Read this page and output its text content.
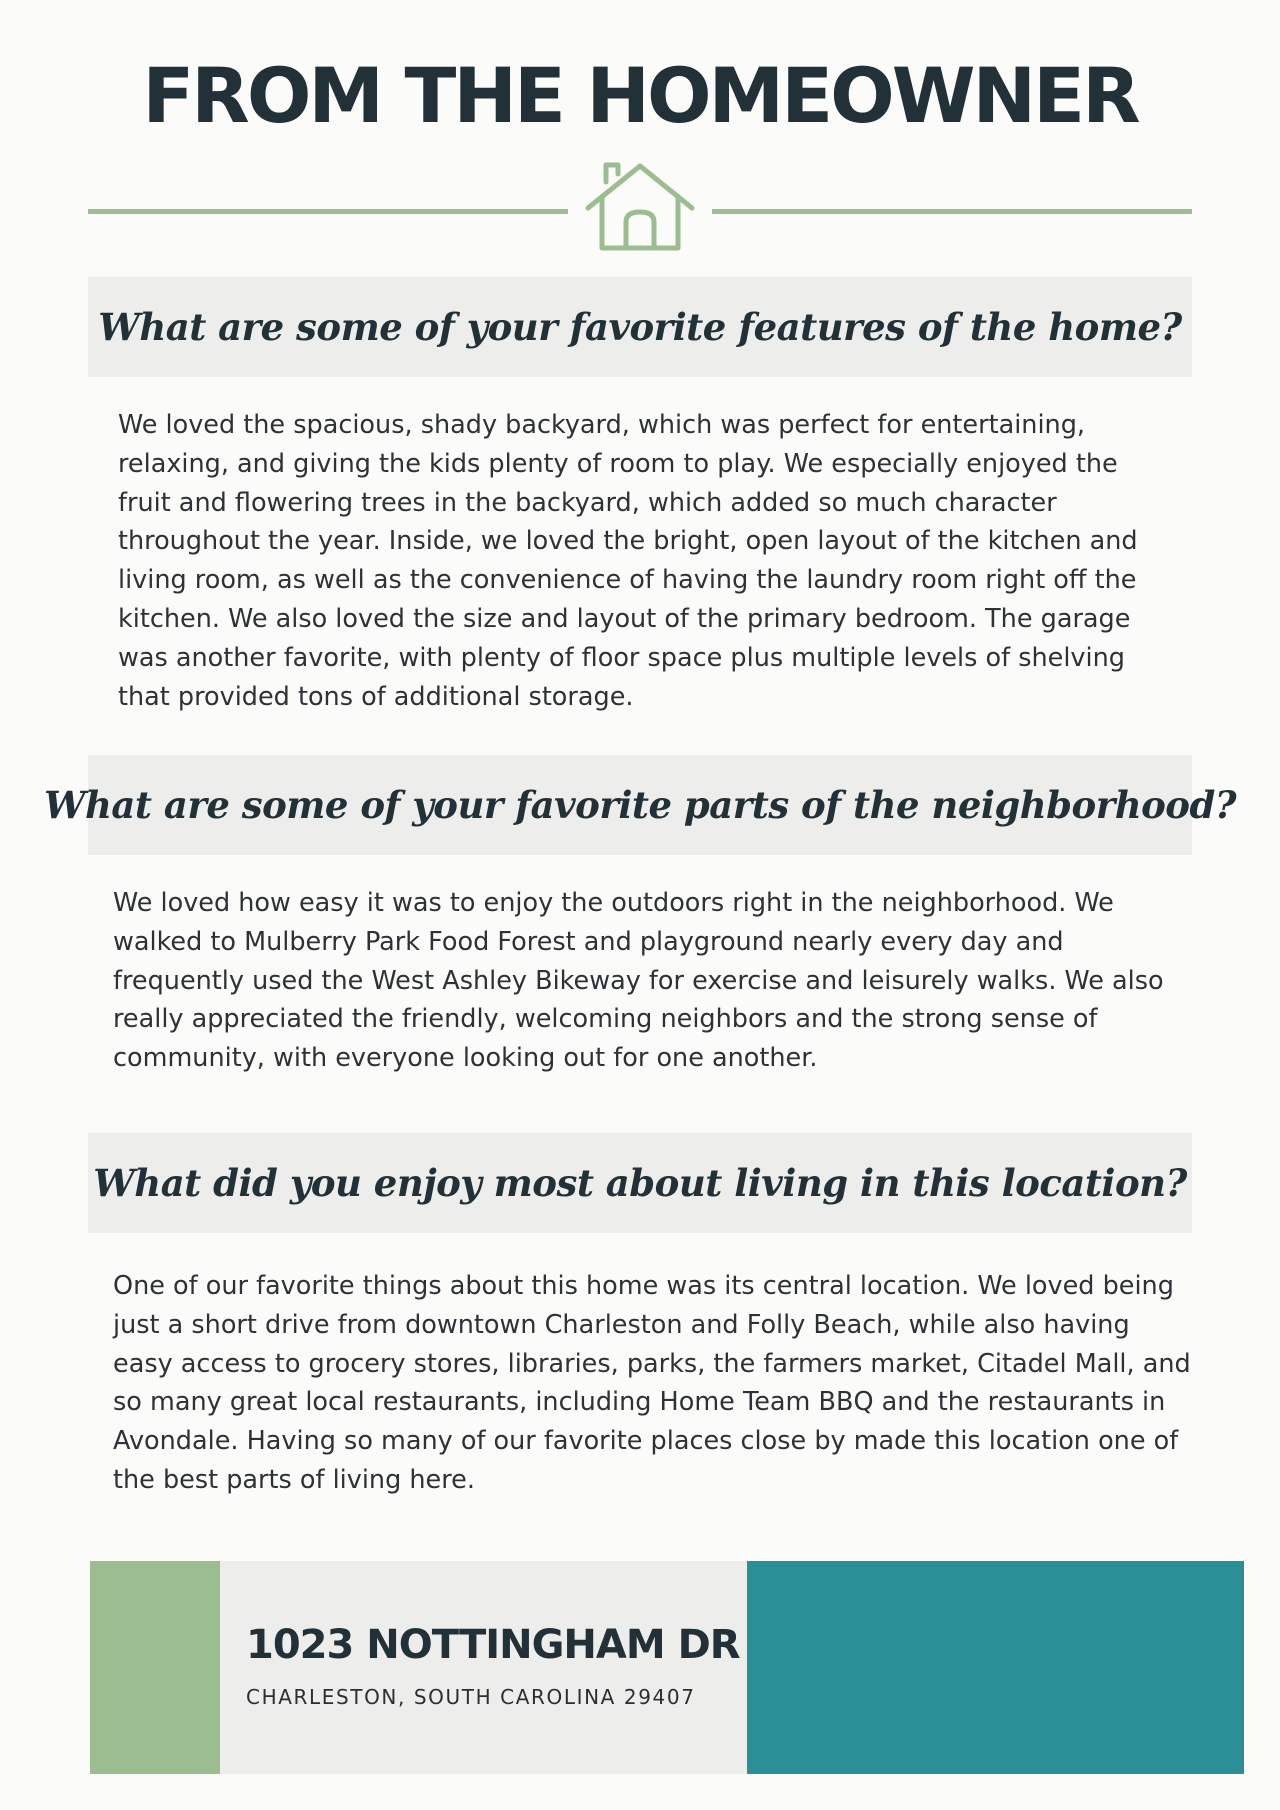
FROM THE HOMEOWNER
What are some of your favorite features of the home?

We loved the spacious, shady backyard, which was perfect for entertaining, relaxing, and giving the kids plenty of room to play. We especially enjoyed the fruit and flowering trees in the backyard, which added so much character throughout the year. Inside, we loved the bright, open layout of the kitchen and living room, as well as the convenience of having the laundry room right off the kitchen. We also loved the size and layout of the primary bedroom. The garage was another favorite, with plenty of floor space plus multiple levels of shelving that provided tons of additional storage.

What are some of your favorite parts of the neighborhood?

We loved how easy it was to enjoy the outdoors right in the neighborhood. We walked to Mulberry Park Food Forest and playground nearly every day and frequently used the West Ashley Bikeway for exercise and leisurely walks. We also really appreciated the friendly, welcoming neighbors and the strong sense of community, with everyone looking out for one another.

What did you enjoy most about living in this location?

One of our favorite things about this home was its central location. We loved being just a short drive from downtown Charleston and Folly Beach, while also having easy access to grocery stores, libraries, parks, the farmers market, Citadel Mall, and so many great local restaurants, including Home Team BBQ and the restaurants in Avondale. Having so many of our favorite places close by made this location one of the best parts of living here.

1023 NOTTINGHAM DR
CHARLESTON, SOUTH CAROLINA 29407
